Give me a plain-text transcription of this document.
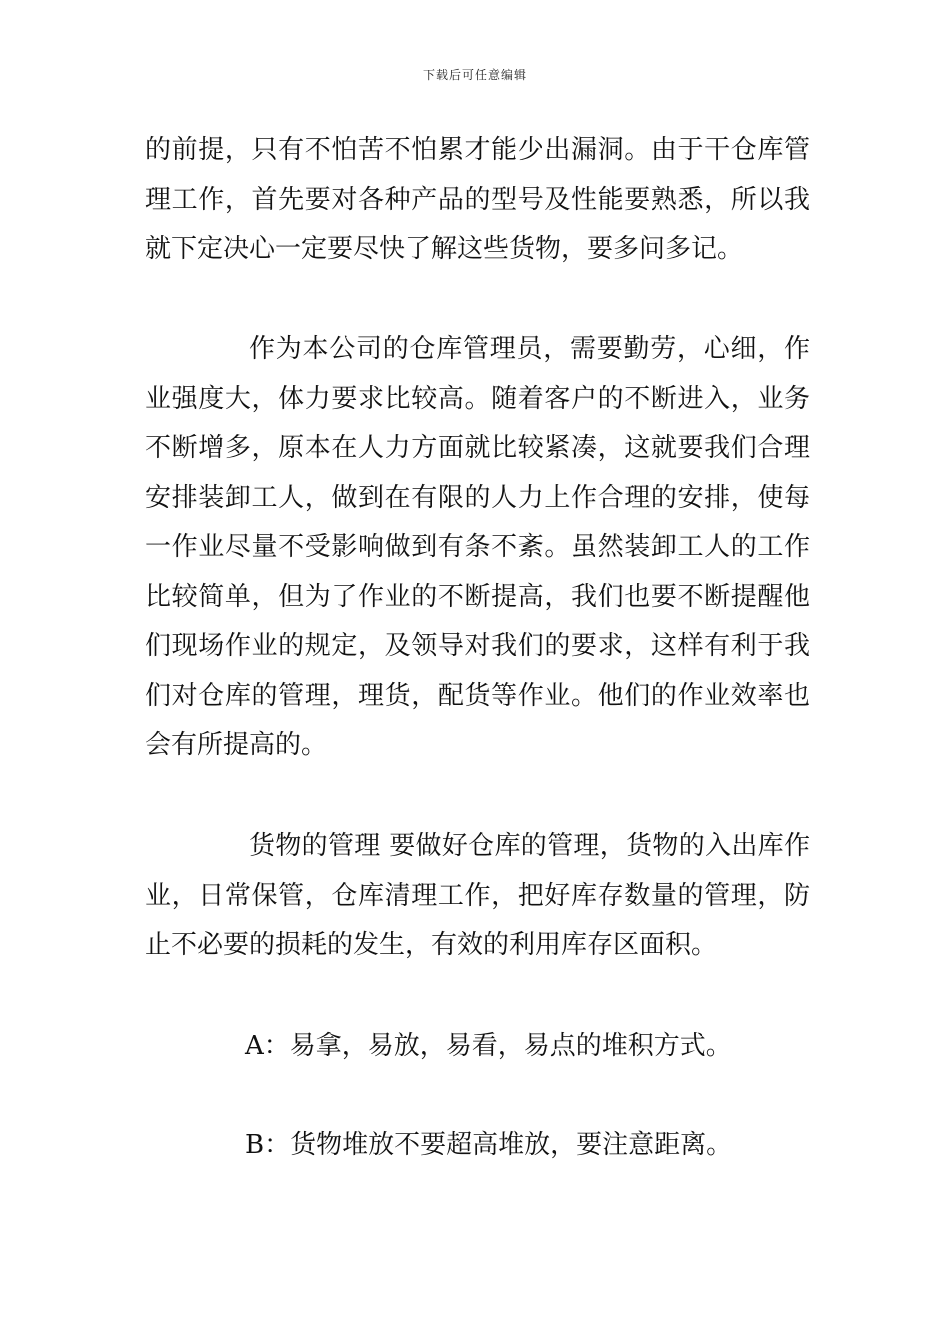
下载后可任意编辑

的前提，只有不怕苦不怕累才能少出漏洞。由于干仓库管理工作，首先要对各种产品的型号及性能要熟悉，所以我就下定决心一定要尽快了解这些货物，要多问多记。

作为本公司的仓库管理员，需要勤劳，心细，作业强度大，体力要求比较高。随着客户的不断进入，业务不断增多，原本在人力方面就比较紧凑，这就要我们合理安排装卸工人，做到在有限的人力上作合理的安排，使每一作业尽量不受影响做到有条不紊。虽然装卸工人的工作比较简单，但为了作业的不断提高，我们也要不断提醒他们现场作业的规定，及领导对我们的要求，这样有利于我们对仓库的管理，理货，配货等作业。他们的作业效率也会有所提高的。

货物的管理 要做好仓库的管理，货物的入出库作业，日常保管，仓库清理工作，把好库存数量的管理，防止不必要的损耗的发生，有效的利用库存区面积。

A：易拿，易放，易看，易点的堆积方式。

B：货物堆放不要超高堆放，要注意距离。
